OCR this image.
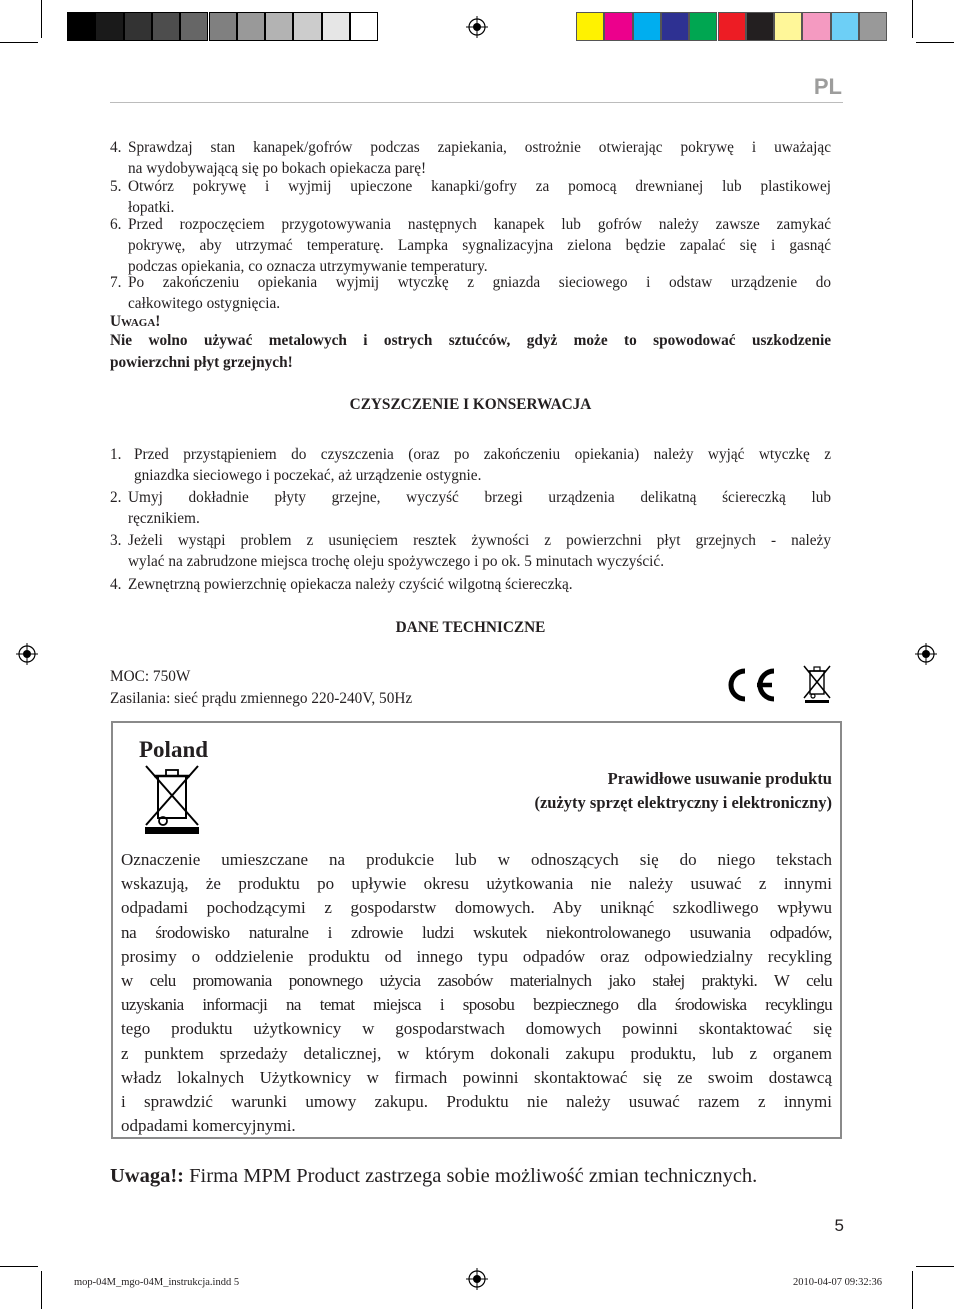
PL
4. Sprawdzaj stan kanapek/gofrów podczas zapiekania, ostrożnie otwierając pokrywę i uważając
na wydobywającą się po bokach opiekacza parę!
5. Otwórz pokrywę i wyjmij upieczone kanapki/gofry za pomocą drewnianej lub plastikowej
łopatki.
6. Przed rozpoczęciem przygotowywania następnych kanapek lub gofrów należy zawsze zamykać
pokrywę, aby utrzymać temperaturę. Lampka sygnalizacyjna zielona będzie zapalać się i gasnąć
podczas opiekania, co oznacza utrzymywanie temperatury.
7. Po zakończeniu opiekania wyjmij wtyczkę z gniazda sieciowego i odstaw urządzenie do
całkowitego ostygnięcia.
Uwaga!
Nie wolno używać metalowych i ostrych sztućców, gdyż może to spowodować uszkodzenie
powierzchni płyt grzejnych!
CZYSZCZENIE I KONSERWACJA
1. Przed przystąpieniem do czyszczenia (oraz po zakończeniu opiekania) należy wyjąć wtyczkę z
gniazdka sieciowego i poczekać, aż urządzenie ostygnie.
2. Umyj dokładnie płyty grzejne, wyczyść brzegi urządzenia delikatną ściereczką lub
ręcznikiem.
3. Jeżeli wystąpi problem z usunięciem resztek żywności z powierzchni płyt grzejnych - należy
wylać na zabrudzone miejsca trochę oleju spożywczego i po ok. 5 minutach wyczyścić.
4. Zewnętrzną powierzchnię opiekacza należy czyścić wilgotną ściereczką.
DANE TECHNICZNE
MOC: 750W
Zasilania: sieć prądu zmiennego 220-240V, 50Hz
Poland
Prawidłowe usuwanie produktu
(zużyty sprzęt elektryczny i elektroniczny)
Oznaczenie umieszczane na produkcie lub w odnoszących się do niego tekstach
wskazują, że produktu po upływie okresu użytkowania nie należy usuwać z innymi
odpadami pochodzącymi z gospodarstw domowych. Aby uniknąć szkodliwego wpływu
na środowisko naturalne i zdrowie ludzi wskutek niekontrolowanego usuwania odpadów,
prosimy o oddzielenie produktu od innego typu odpadów oraz odpowiedzialny recykling
w celu promowania ponownego użycia zasobów materialnych jako stałej praktyki. W celu
uzyskania informacji na temat miejsca i sposobu bezpiecznego dla środowiska recyklingu
tego produktu użytkownicy w gospodarstwach domowych powinni skontaktować się
z punktem sprzedaży detalicznej, w którym dokonali zakupu produktu, lub z organem
władz lokalnych Użytkownicy w firmach powinni skontaktować się ze swoim dostawcą
i sprawdzić warunki umowy zakupu. Produktu nie należy usuwać razem z innymi
odpadami komercyjnymi.
Uwaga!: Firma MPM Product zastrzega sobie możliwość zmian technicznych.
5
mop-04M_mgo-04M_instrukcja.indd 5	2010-04-07 09:32:36
